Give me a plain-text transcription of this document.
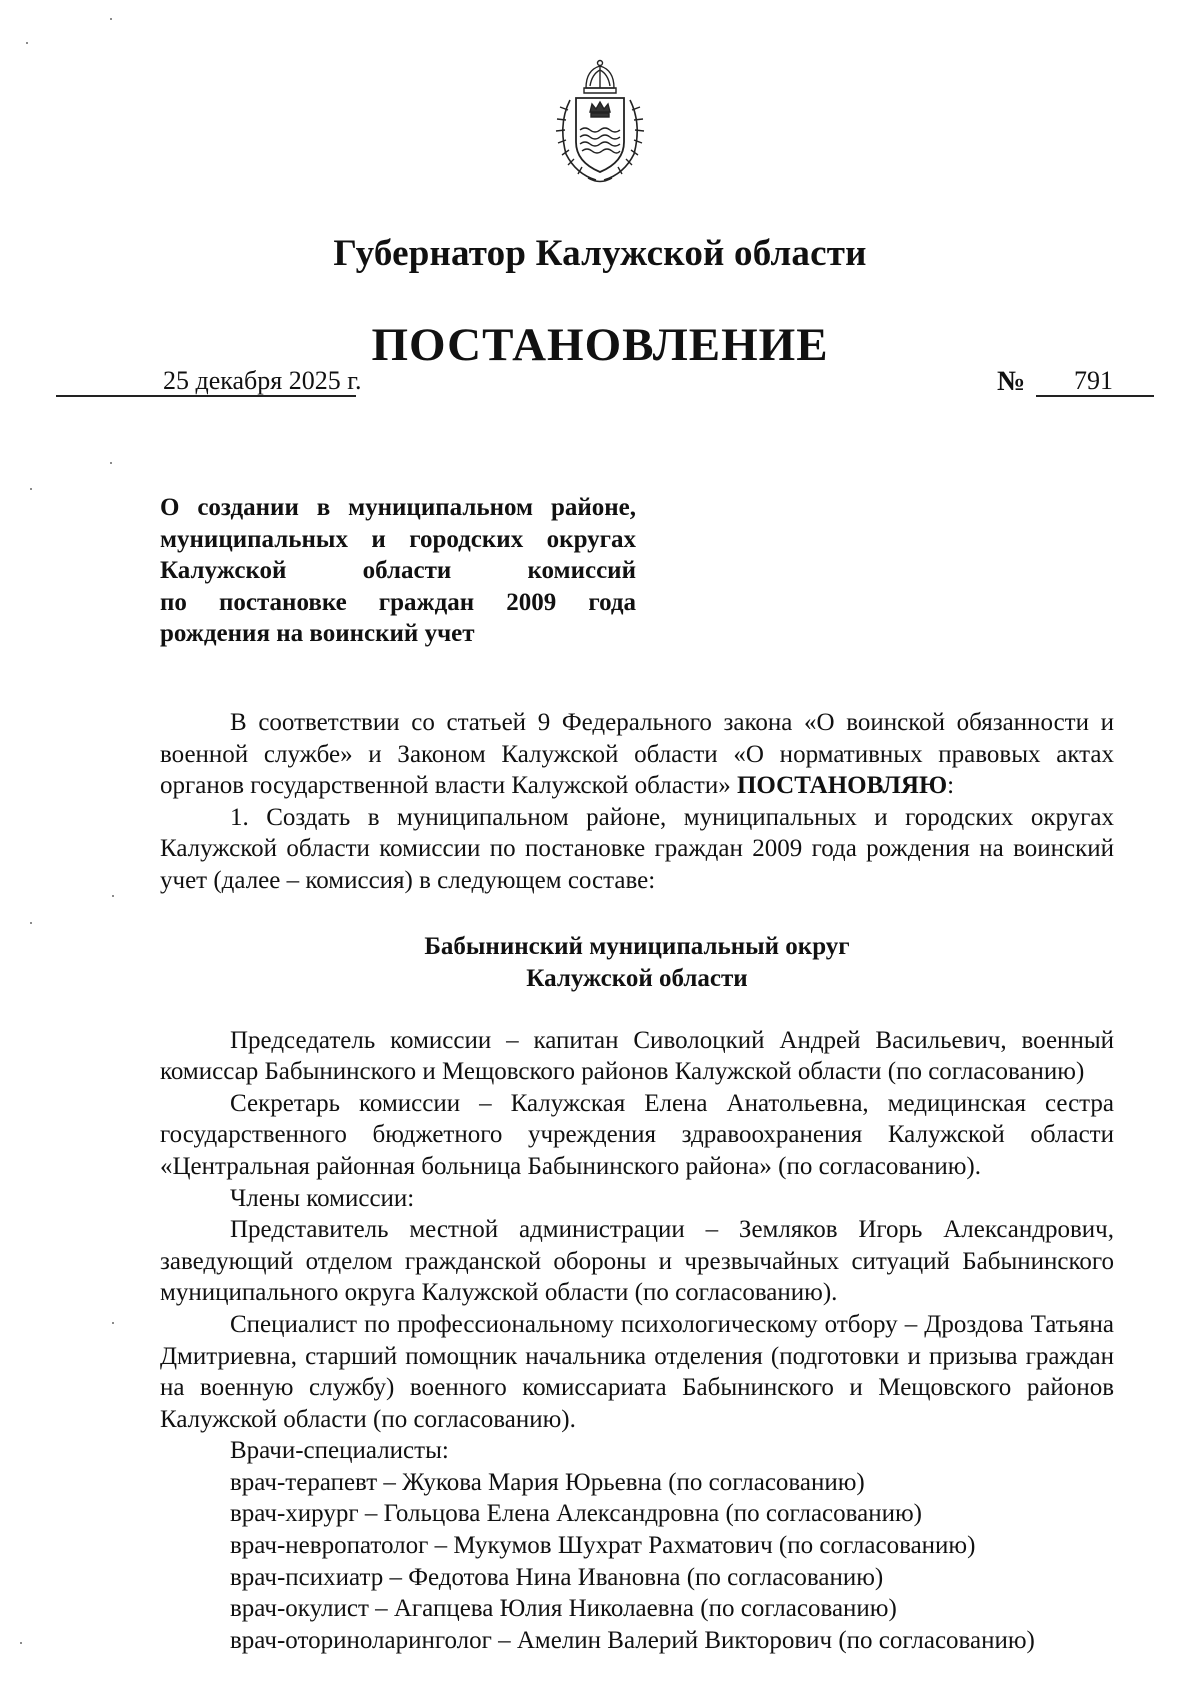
Губернатор Калужской области
ПОСТАНОВЛЕНИЕ
25 декабря 2025 г.	№ 791
О создании в муниципальном районе,
муниципальных и городских округах
Калужской области комиссий
по постановке граждан 2009 года
рождения на воинский учет

В соответствии со статьей 9 Федерального закона «О воинской обязанности и военной службе» и Законом Калужской области «О нормативных правовых актах органов государственной власти Калужской области» ПОСТАНОВЛЯЮ:

1. Создать в муниципальном районе, муниципальных и городских округах Калужской области комиссии по постановке граждан 2009 года рождения на воинский учет (далее – комиссия) в следующем составе:

Бабынинский муниципальный округ
Калужской области

Председатель комиссии – капитан Сиволоцкий Андрей Васильевич, военный комиссар Бабынинского и Мещовского районов Калужской области (по согласованию)

Секретарь комиссии – Калужская Елена Анатольевна, медицинская сестра государственного бюджетного учреждения здравоохранения Калужской области «Центральная районная больница Бабынинского района» (по согласованию).

Члены комиссии:

Представитель местной администрации – Земляков Игорь Александрович, заведующий отделом гражданской обороны и чрезвычайных ситуаций Бабынинского муниципального округа Калужской области (по согласованию).

Специалист по профессиональному психологическому отбору – Дроздова Татьяна Дмитриевна, старший помощник начальника отделения (подготовки и призыва граждан на военную службу) военного комиссариата Бабынинского и Мещовского районов Калужской области (по согласованию).

Врачи-специалисты:

врач-терапевт – Жукова Мария Юрьевна (по согласованию)

врач-хирург – Гольцова Елена Александровна (по согласованию)

врач-невропатолог – Мукумов Шухрат Рахматович (по согласованию)

врач-психиатр – Федотова Нина Ивановна (по согласованию)

врач-окулист – Агапцева Юлия Николаевна (по согласованию)

врач-оториноларинголог – Амелин Валерий Викторович (по согласованию)
